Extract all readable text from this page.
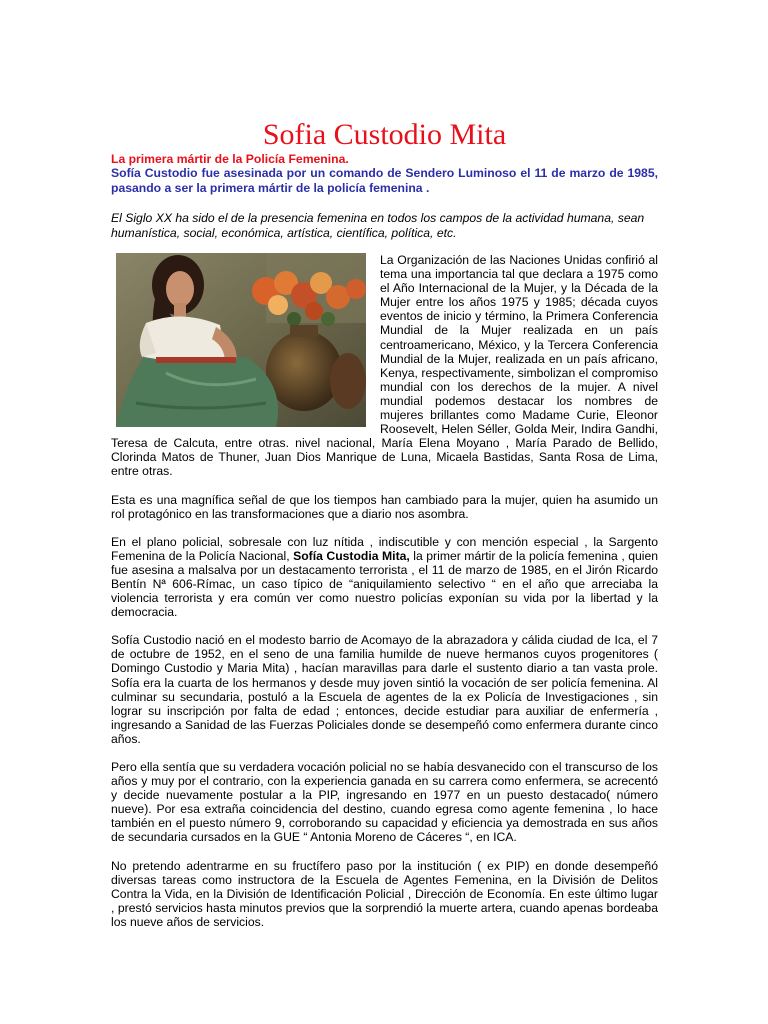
Sofia Custodio Mita
La primera mártir de la Policía Femenina.
Sofía Custodio fue asesinada por un comando de Sendero Luminoso el 11 de marzo de 1985, pasando a ser la primera mártir de la policía femenina .
El Siglo XX ha sido el de la presencia femenina en todos los campos de la actividad humana, sean humanística, social, económica, artística, científica, política, etc.

La Organización de las Naciones Unidas confirió al tema una importancia tal que declara a 1975 como el Año Internacional de la Mujer, y la Década de la Mujer entre los años 1975 y 1985; década cuyos eventos de inicio y término, la Primera Conferencia Mundial de la Mujer realizada en un país centroamericano, México, y la Tercera Conferencia Mundial de la Mujer, realizada en un país africano, Kenya, respectivamente, simbolizan el compromiso mundial con los derechos de la mujer. A nivel mundial podemos destacar los nombres de mujeres brillantes como Madame Curie, Eleonor Roosevelt, Helen Séller, Golda Meir, Indira Gandhi, Teresa de Calcuta, entre otras. nivel nacional, María Elena Moyano , María Parado de Bellido, Clorinda Matos de Thuner, Juan Dios Manrique de Luna, Micaela Bastidas, Santa Rosa de Lima, entre otras.

Esta es una magnífica señal de que los tiempos han cambiado para la mujer, quien ha asumido un rol protagónico en las transformaciones que a diario nos asombra.

En el plano policial, sobresale con luz nítida , indiscutible y con mención especial , la Sargento Femenina de la Policía Nacional, Sofía Custodia Mita, la primer mártir de la policía femenina , quien fue asesina a malsalva por un destacamento terrorista , el 11 de marzo de 1985, en el Jirón Ricardo Bentín Nª 606-Rímac, un caso típico de “aniquilamiento selectivo “ en el año que arreciaba la violencia terrorista y era común ver como nuestro policías exponían su vida por la libertad y la democracia.

Sofía Custodio nació en el modesto barrio de Acomayo de la abrazadora y cálida ciudad de Ica, el 7 de octubre de 1952, en el seno de una familia humilde de nueve hermanos cuyos progenitores ( Domingo Custodio y Maria Mita) , hacían maravillas para darle el sustento diario a tan vasta prole. Sofía era la cuarta de los hermanos y desde muy joven sintió la vocación de ser policía femenina. Al culminar su secundaria, postuló a la Escuela de agentes de la ex Policía de Investigaciones , sin lograr su inscripción por falta de edad ; entonces, decide estudiar para auxiliar de enfermería , ingresando a Sanidad de las Fuerzas Policiales donde se desempeñó como enfermera durante cinco años.

Pero ella sentía que su verdadera vocación policial no se había desvanecido con el transcurso de los años y muy por el contrario, con la experiencia ganada en su carrera como enfermera, se acrecentó y decide nuevamente postular a la PIP, ingresando en 1977 en un puesto destacado( número nueve). Por esa extraña coincidencia del destino, cuando egresa como agente femenina , lo hace también en el puesto número 9, corroborando su capacidad y eficiencia ya demostrada en sus años de secundaria cursados en la GUE “ Antonia Moreno de Cáceres “, en ICA.

No pretendo adentrarme en su fructífero paso por la institución ( ex PIP) en donde desempeñó diversas tareas como instructora de la Escuela de Agentes Femenina, en la División de Delitos Contra la Vida, en la División de Identificación Policial , Dirección de Economía. En este último lugar , prestó servicios hasta minutos previos que la sorprendió la muerte artera, cuando apenas bordeaba los nueve años de servicios.
